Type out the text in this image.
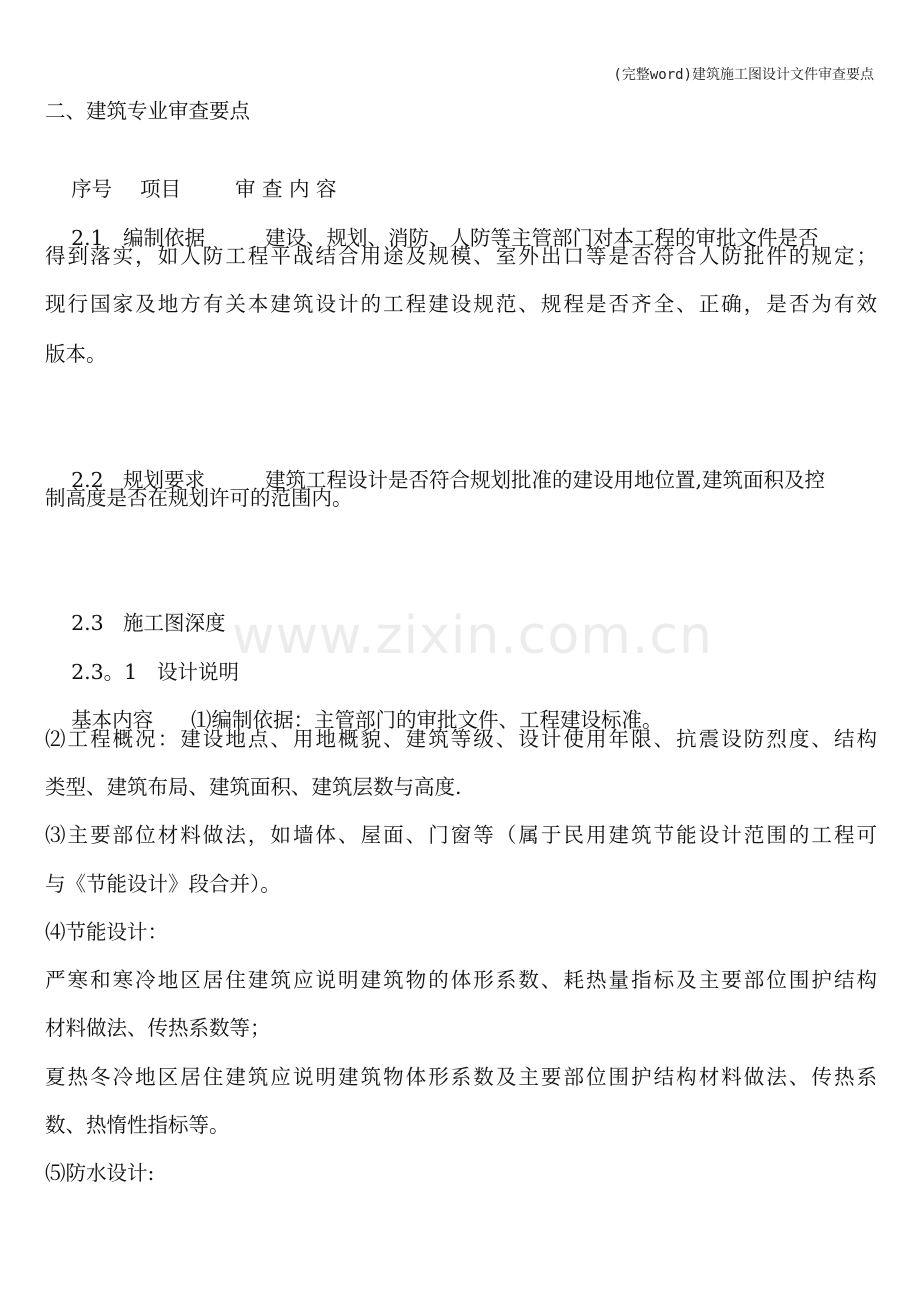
(完整word)建筑施工图设计文件审查要点
www.zixin.com.cn
二、建筑专业审查要点

序号 项目	审 查 内 容

2.1 编制依据	建设、规划、消防、人防等主管部门对本工程的审批文件是否

得到落实，如人防工程平战结合用途及规模、室外出口等是否符合人防批件的规定；
现行国家及地方有关本建筑设计的工程建设规范、规程是否齐全、正确，是否为有效
版本。

2.2 规划要求	建筑工程设计是否符合规划批准的建设用地位置,建筑面积及控

制高度是否在规划许可的范围内。

2.3 施工图深度

2.3。1 设计说明

基本内容 ⑴编制依据：主管部门的审批文件、工程建设标准。

⑵工程概况：建设地点、用地概貌、建筑等级、设计使用年限、抗震设防烈度、结构
类型、建筑布局、建筑面积、建筑层数与高度.
⑶主要部位材料做法，如墙体、屋面、门窗等（属于民用建筑节能设计范围的工程可
与《节能设计》段合并）。
⑷节能设计：
严寒和寒冷地区居住建筑应说明建筑物的体形系数、耗热量指标及主要部位围护结构
材料做法、传热系数等；
夏热冬冷地区居住建筑应说明建筑物体形系数及主要部位围护结构材料做法、传热系
数、热惰性指标等。
⑸防水设计:
